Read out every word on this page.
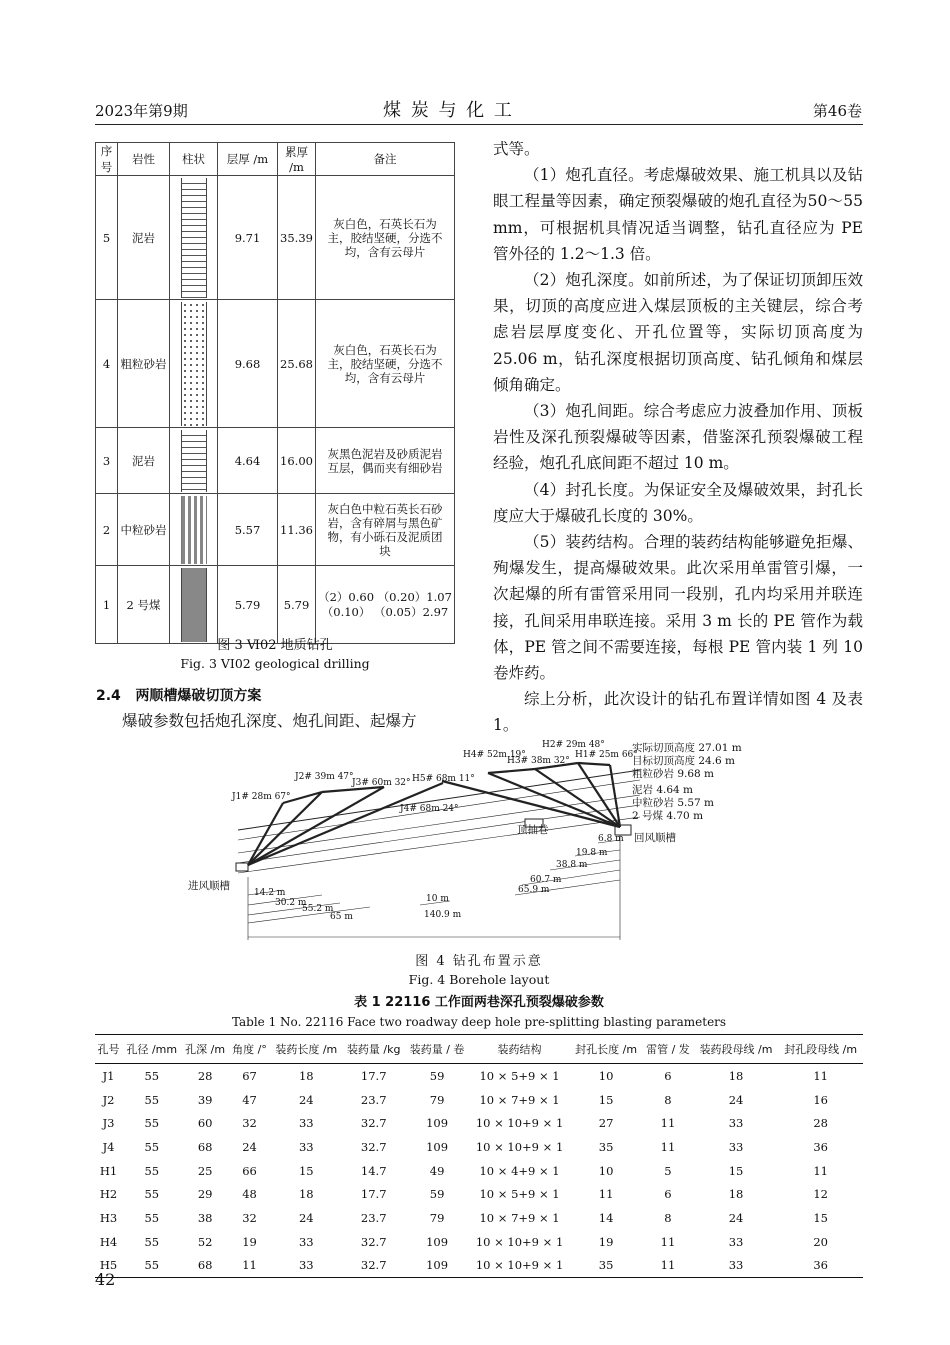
2023年第9期	煤 炭 与 化 工	第46卷
序号	岩性	柱状	层厚 /m	累厚 /m	备注
5	泥岩		9.71	35.39	灰白色，石英长石为主，胶结坚硬，分选不均，含有云母片
4	粗粒砂岩		9.68	25.68	灰白色，石英长石为主，胶结坚硬，分选不均，含有云母片
3	泥岩		4.64	16.00	灰黑色泥岩及砂质泥岩互层，偶而夹有细砂岩
2	中粒砂岩		5.57	11.36	灰白色中粒石英长石砂岩，含有碎屑与黑色矿物，有小砾石及泥质团块
1	2 号煤		5.79	5.79	（2）0.60 （0.20）1.07
（0.10） （0.05）2.97
图 3 Ⅵ02 地质钻孔
Fig. 3 VI02 geological drilling
2.4 两顺槽爆破切顶方案
爆破参数包括炮孔深度、炮孔间距、起爆方
式等。
（1）炮孔直径。考虑爆破效果、施工机具以及钻眼工程量等因素，确定预裂爆破的炮孔直径为50～55 mm，可根据机具情况适当调整，钻孔直径应为 PE 管外径的 1.2～1.3 倍。
（2）炮孔深度。如前所述，为了保证切顶卸压效果，切顶的高度应进入煤层顶板的主关键层，综合考虑岩层厚度变化、开孔位置等，实际切顶高度为 25.06 m，钻孔深度根据切顶高度、钻孔倾角和煤层倾角确定。
（3）炮孔间距。综合考虑应力波叠加作用、顶板岩性及深孔预裂爆破等因素，借鉴深孔预裂爆破工程经验，炮孔孔底间距不超过 10 m。
（4）封孔长度。为保证安全及爆破效果，封孔长度应大于爆破孔长度的 30%。
（5）装药结构。合理的装药结构能够避免拒爆、殉爆发生，提高爆破效果。此次采用单雷管引爆，一次起爆的所有雷管采用同一段别，孔内均采用并联连接，孔间采用串联连接。采用 3 m 长的 PE 管作为载体，PE 管之间不需要连接，每根 PE 管内装 1 列 10 卷炸药。
综上分析，此次设计的钻孔布置详情如图 4 及表 1。
J1# 28m 67°
J2# 39m 47°
J3# 60m 32°
J4# 68m 24°
H5# 68m 11°
H4# 52m 19°
H3# 38m 32°
H2# 29m 48°
H1# 25m 66°
实际切顶高度 27.01 m
目标切顶高度 24.6 m
粗粒砂岩 9.68 m
泥岩 4.64 m
中粒砂岩 5.57 m
2 号煤 4.70 m
进风顺槽
回风顺槽
顶抽巷
14.2 m
30.2 m
55.2 m
65 m
6.8 m
19.8 m
38.8 m
60.7 m
65.9 m
10 m
140.9 m
图 4 钻孔布置示意
Fig. 4 Borehole layout
表 1 22116 工作面两巷深孔预裂爆破参数
Table 1 No. 22116 Face two roadway deep hole pre-splitting blasting parameters
孔号	孔径 /mm	孔深 /m	角度 /°	装药长度 /m	装药量 /kg	装药量 / 卷	装药结构	封孔长度 /m	雷管 / 发	装药段母线 /m	封孔段母线 /m
J1	55	28	67	18	17.7	59	10 × 5+9 × 1	10	6	18	11
J2	55	39	47	24	23.7	79	10 × 7+9 × 1	15	8	24	16
J3	55	60	32	33	32.7	109	10 × 10+9 × 1	27	11	33	28
J4	55	68	24	33	32.7	109	10 × 10+9 × 1	35	11	33	36
H1	55	25	66	15	14.7	49	10 × 4+9 × 1	10	5	15	11
H2	55	29	48	18	17.7	59	10 × 5+9 × 1	11	6	18	12
H3	55	38	32	24	23.7	79	10 × 7+9 × 1	14	8	24	15
H4	55	52	19	33	32.7	109	10 × 10+9 × 1	19	11	33	20
H5	55	68	11	33	32.7	109	10 × 10+9 × 1	35	11	33	36
42
